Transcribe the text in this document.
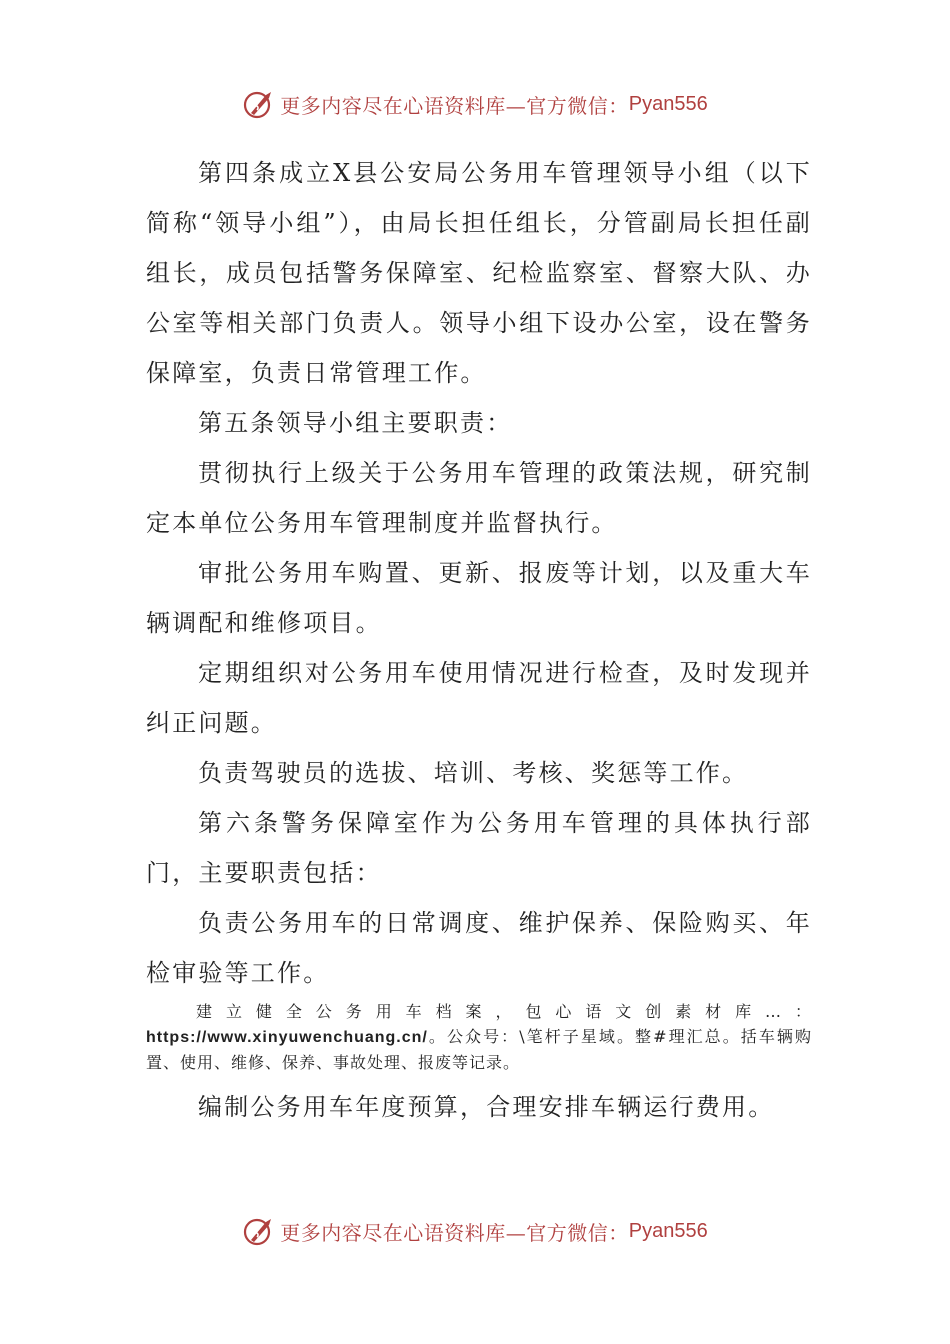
更多内容尽在心语资料库—官方微信： Pyan556

第四条成立X县公安局公务用车管理领导小组（以下简称“领导小组”），由局长担任组长，分管副局长担任副组长，成员包括警务保障室、纪检监察室、督察大队、办公室等相关部门负责人。领导小组下设办公室，设在警务保障室，负责日常管理工作。

第五条领导小组主要职责：

贯彻执行上级关于公务用车管理的政策法规，研究制定本单位公务用车管理制度并监督执行。

审批公务用车购置、更新、报废等计划，以及重大车辆调配和维修项目。

定期组织对公务用车使用情况进行检查，及时发现并纠正问题。

负责驾驶员的选拔、培训、考核、奖惩等工作。

第六条警务保障室作为公务用车管理的具体执行部门，主要职责包括：

负责公务用车的日常调度、维护保养、保险购买、年检审验等工作。

建立健全公务用车档案，包心语文创素材库…：https://www.xinyuwenchuang.cn/。公众号：\笔杆子星域。整#理汇总。括车辆购置、使用、维修、保养、事故处理、报废等记录。

编制公务用车年度预算，合理安排车辆运行费用。

更多内容尽在心语资料库—官方微信： Pyan556
